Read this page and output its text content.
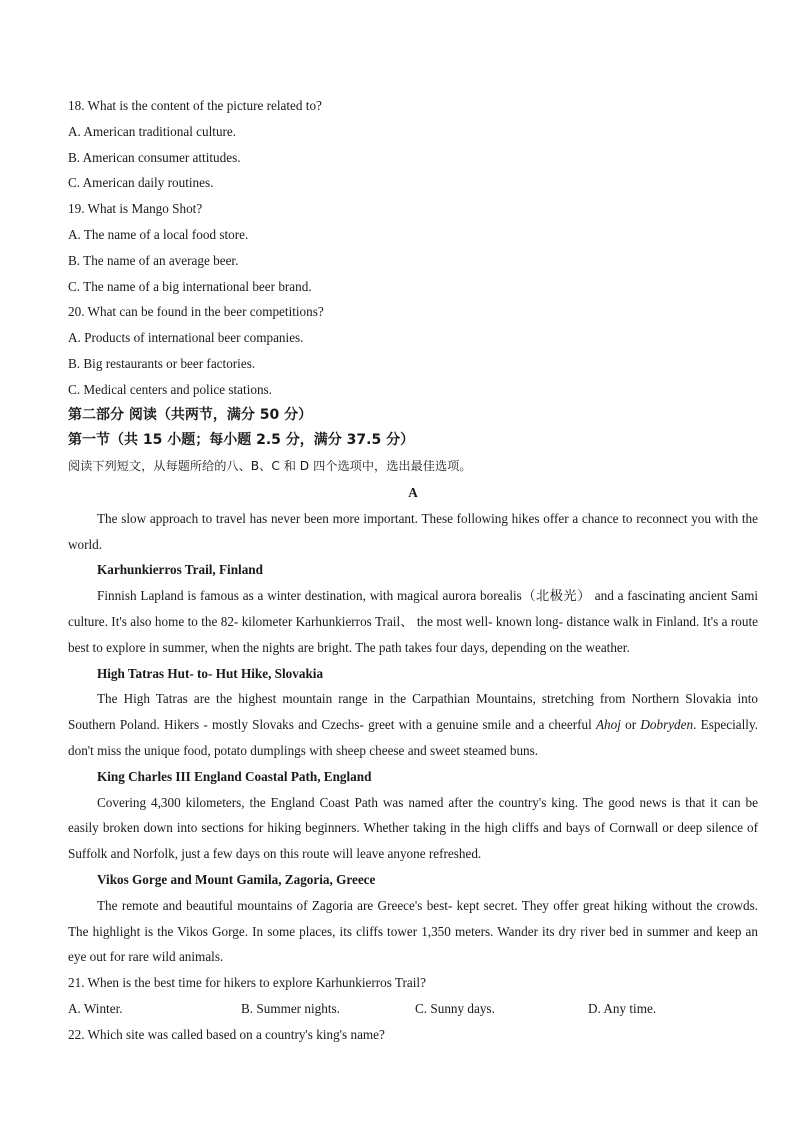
18. What is the content of the picture related to?
A. American traditional culture.
B. American consumer attitudes.
C. American daily routines.
19. What is Mango Shot?
A. The name of a local food store.
B. The name of an average beer.
C. The name of a big international beer brand.
20. What can be found in the beer competitions?
A. Products of international beer companies.
B. Big restaurants or beer factories.
C. Medical centers and police stations.
第二部分 阅读（共两节，满分 50 分）
第一节（共 15 小题；每小题 2.5 分，满分 37.5 分）
阅读下列短文，从每题所给的八、B、C 和 D 四个选项中，选出最佳选项。
A
The slow approach to travel has never been more important. These following hikes offer a chance to reconnect you with the world.
Karhunkierros Trail, Finland
Finnish Lapland is famous as a winter destination, with magical aurora borealis（北极光） and a fascinating ancient Sami culture. It's also home to the 82- kilometer Karhunkierros Trail、 the most well- known long- distance walk in Finland. It's a route best to explore in summer, when the nights are bright. The path takes four days, depending on the weather.
High Tatras Hut- to- Hut Hike, Slovakia
The High Tatras are the highest mountain range in the Carpathian Mountains, stretching from Northern Slovakia into Southern Poland. Hikers - mostly Slovaks and Czechs- greet with a genuine smile and a cheerful Ahoj or Dobryden. Especially. don't miss the unique food, potato dumplings with sheep cheese and sweet steamed buns.
King Charles III England Coastal Path, England
Covering 4,300 kilometers, the England Coast Path was named after the country's king. The good news is that it can be easily broken down into sections for hiking beginners. Whether taking in the high cliffs and bays of Cornwall or deep silence of Suffolk and Norfolk, just a few days on this route will leave anyone refreshed.
Vikos Gorge and Mount Gamila, Zagoria, Greece
The remote and beautiful mountains of Zagoria are Greece's best- kept secret. They offer great hiking without the crowds. The highlight is the Vikos Gorge. In some places, its cliffs tower 1,350 meters. Wander its dry river bed in summer and keep an eye out for rare wild animals.
21. When is the best time for hikers to explore Karhunkierros Trail?
A. Winter.	B. Summer nights.	C. Sunny days.	D. Any time.
22. Which site was called based on a country's king's name?
